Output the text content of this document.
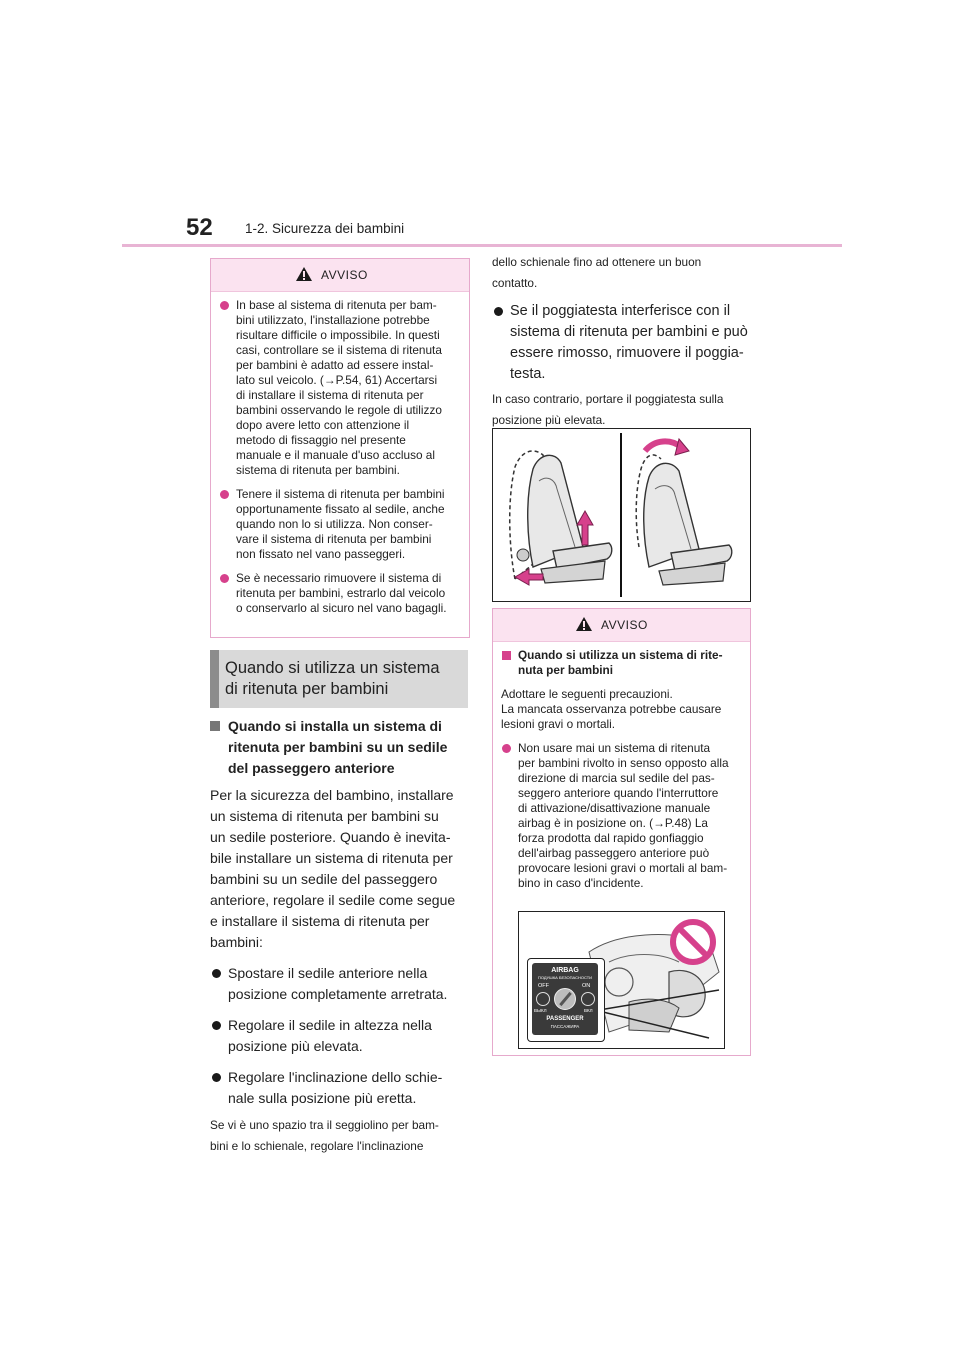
52 1-2. Sicurezza dei bambini
AVVISO
In base al sistema di ritenuta per bam-
bini utilizzato, l'installazione potrebbe
risultare difficile o impossibile. In questi
casi, controllare se il sistema di ritenuta
per bambini è adatto ad essere instal-
lato sul veicolo. (→P.54, 61) Accertarsi
di installare il sistema di ritenuta per
bambini osservando le regole di utilizzo
dopo avere letto con attenzione il
metodo di fissaggio nel presente
manuale e il manuale d'uso accluso al
sistema di ritenuta per bambini.
Tenere il sistema di ritenuta per bambini
opportunamente fissato al sedile, anche
quando non lo si utilizza. Non conser-
vare il sistema di ritenuta per bambini
non fissato nel vano passeggeri.
Se è necessario rimuovere il sistema di
ritenuta per bambini, estrarlo dal veicolo
o conservarlo al sicuro nel vano bagagli.
Quando si utilizza un sistema
di ritenuta per bambini
Quando si installa un sistema di
ritenuta per bambini su un sedile
del passeggero anteriore
Per la sicurezza del bambino, installare
un sistema di ritenuta per bambini su
un sedile posteriore. Quando è inevita-
bile installare un sistema di ritenuta per
bambini su un sedile del passeggero
anteriore, regolare il sedile come segue
e installare il sistema di ritenuta per
bambini:
Spostare il sedile anteriore nella
posizione completamente arretrata.
Regolare il sedile in altezza nella
posizione più elevata.
Regolare l'inclinazione dello schie-
nale sulla posizione più eretta.
Se vi è uno spazio tra il seggiolino per bam-
bini e lo schienale, regolare l'inclinazione
dello schienale fino ad ottenere un buon
contatto.
Se il poggiatesta interferisce con il
sistema di ritenuta per bambini e può
essere rimosso, rimuovere il poggia-
testa.
In caso contrario, portare il poggiatesta sulla
posizione più elevata.
AVVISO
Quando si utilizza un sistema di rite-
nuta per bambini
Adottare le seguenti precauzioni.
La mancata osservanza potrebbe causare
lesioni gravi o mortali.
Non usare mai un sistema di ritenuta
per bambini rivolto in senso opposto alla
direzione di marcia sul sedile del pas-
seggero anteriore quando l'interruttore
di attivazione/disattivazione manuale
airbag è in posizione on. (→P.48) La
forza prodotta dal rapido gonfiaggio
dell'airbag passeggero anteriore può
provocare lesioni gravi o mortali al bam-
bino in caso d'incidente.
AIRBAG
ПОДУШКА БЕЗОПАСНОСТИ
OFF	ON
ВЫКЛ	ВКЛ
PASSENGER
ПАССАЖИРА
